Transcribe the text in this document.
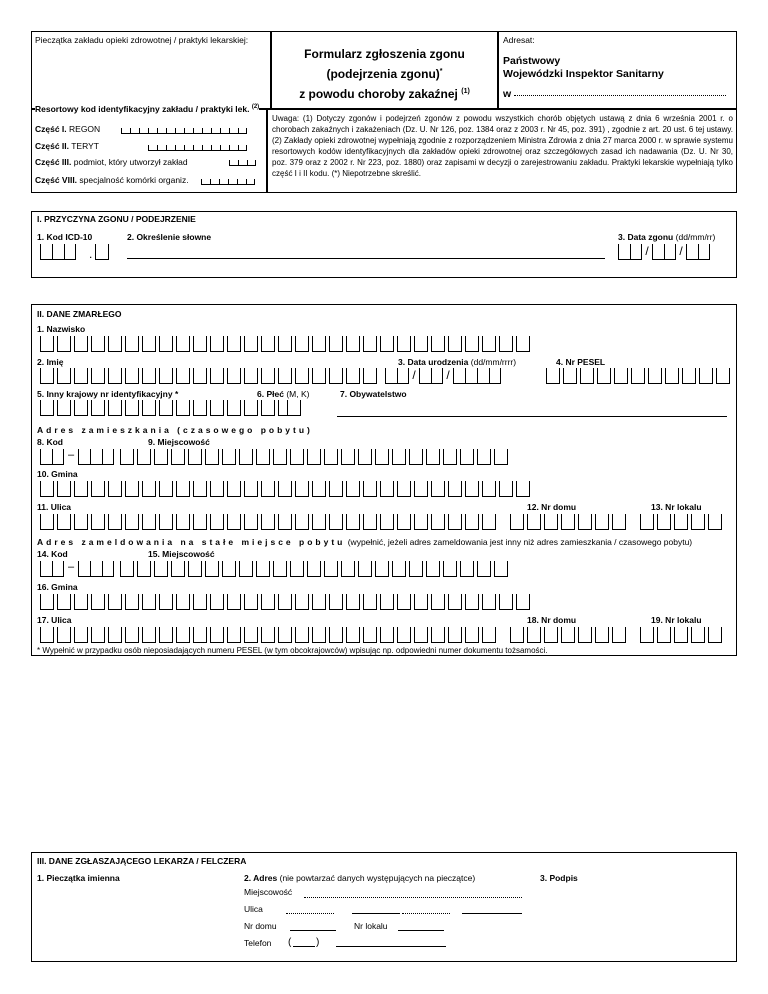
Pieczątka zakładu opieki zdrowotnej / praktyki lekarskiej:
Formularz zgłoszenia zgonu
(podejrzenia zgonu)*
z powodu choroby zakaźnej $^{(1)}$
Adresat:
Państwowy
Wojewódzki Inspektor Sanitarny
w
Resortowy kod identyfikacyjny zakładu / praktyki lek. $^{(2)}$
Część I. REGON
Część II. TERYT
Część III. podmiot, który utworzył zakład
Część VIII. specjalność komórki organiz.
Uwaga: (1) Dotyczy zgonów i podejrzeń zgonów z powodu wszystkich chorób objętych ustawą z dnia 6 września 2001 r. o chorobach zakaźnych i zakażeniach (Dz. U. Nr 126, poz. 1384 oraz z 2003 r. Nr 45, poz. 391) , zgodnie z art. 20 ust. 6 tej ustawy. (2) Zakłady opieki zdrowotnej wypełniają zgodnie z rozporządzeniem Ministra Zdrowia z dnia 27 marca 2000 r. w sprawie systemu resortowych kodów identyfikacyjnych dla zakładów opieki zdrowotnej oraz szczegółowych zasad ich nadawania (Dz. U. Nr 30, poz. 379 oraz z 2002 r. Nr 223, poz. 1880) oraz zapisami w decyzji o zarejestrowaniu zakładu. Praktyki lekarskie wypełniają tylko część I i II kodu. (*) Niepotrzebne skreślić.
I. PRZYCZYNA ZGONU / PODEJRZENIE
1. Kod ICD-10	2. Określenie słowne	3. Data zgonu (dd/mm/rr)
.	/	/
II. DANE ZMARŁEGO
1. Nazwisko
2. Imię	3. Data urodzenia (dd/mm/rrrr)	4. Nr PESEL
/	/
5. Inny krajowy nr identyfikacyjny *	6. Płeć (M, K)	7. Obywatelstwo
Adres zamieszkania (czasowego pobytu)
8. Kod	9. Miejscowość
–
10. Gmina
11. Ulica	12. Nr domu	13. Nr lokalu
Adres zameldowania na stałe miejsce pobytu (wypełnić, jeżeli adres zameldowania jest inny niż adres zamieszkania / czasowego pobytu)
14. Kod	15. Miejscowość
–
16. Gmina
17. Ulica	18. Nr domu	19. Nr lokalu
* Wypełnić w przypadku osób nieposiadających numeru PESEL (w tym obcokrajowców) wpisując np. odpowiedni numer dokumentu tożsamości.
III. DANE ZGŁASZAJĄCEGO LEKARZA / FELCZERA
1. Pieczątka imienna	2. Adres (nie powtarzać danych występujących na pieczątce)	3. Podpis
Miejscowość
Ulica
Nr domu	Nr lokalu
Telefon ( )
